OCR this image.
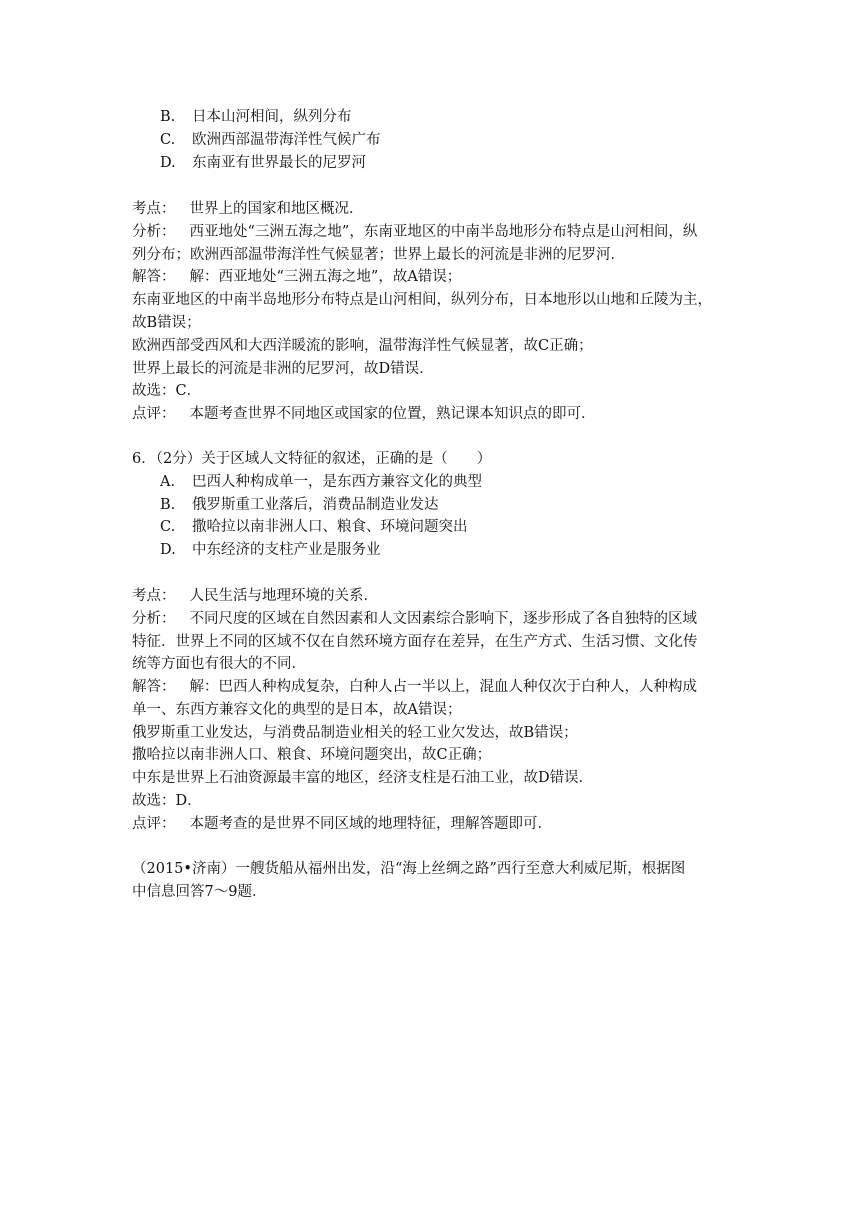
B. 日本山河相间，纵列分布
C. 欧洲西部温带海洋性气候广布
D. 东南亚有世界最长的尼罗河
考点： 世界上的国家和地区概况．
分析： 西亚地处“三洲五海之地”，东南亚地区的中南半岛地形分布特点是山河相间，纵
列分布；欧洲西部温带海洋性气候显著；世界上最长的河流是非洲的尼罗河．
解答： 解：西亚地处“三洲五海之地”，故A错误；
东南亚地区的中南半岛地形分布特点是山河相间，纵列分布，日本地形以山地和丘陵为主，
故B错误；
欧洲西部受西风和大西洋暖流的影响，温带海洋性气候显著，故C正确；
世界上最长的河流是非洲的尼罗河，故D错误．
故选：C．
点评： 本题考查世界不同地区或国家的位置，熟记课本知识点的即可．
6．（2分）关于区域人文特征的叙述，正确的是（　　）
A. 巴西人种构成单一，是东西方兼容文化的典型
B. 俄罗斯重工业落后，消费品制造业发达
C. 撒哈拉以南非洲人口、粮食、环境问题突出
D. 中东经济的支柱产业是服务业
考点： 人民生活与地理环境的关系．
分析： 不同尺度的区域在自然因素和人文因素综合影响下，逐步形成了各自独特的区域
特征．世界上不同的区域不仅在自然环境方面存在差异，在生产方式、生活习惯、文化传
统等方面也有很大的不同．
解答： 解：巴西人种构成复杂，白种人占一半以上，混血人种仅次于白种人，人种构成
单一、东西方兼容文化的典型的是日本，故A错误；
俄罗斯重工业发达，与消费品制造业相关的轻工业欠发达，故B错误；
撒哈拉以南非洲人口、粮食、环境问题突出，故C正确；
中东是世界上石油资源最丰富的地区，经济支柱是石油工业，故D错误．
故选：D．
点评： 本题考查的是世界不同区域的地理特征，理解答题即可．
（2015•济南）一艘货船从福州出发，沿“海上丝绸之路”西行至意大利威尼斯，根据图
中信息回答7～9题．
